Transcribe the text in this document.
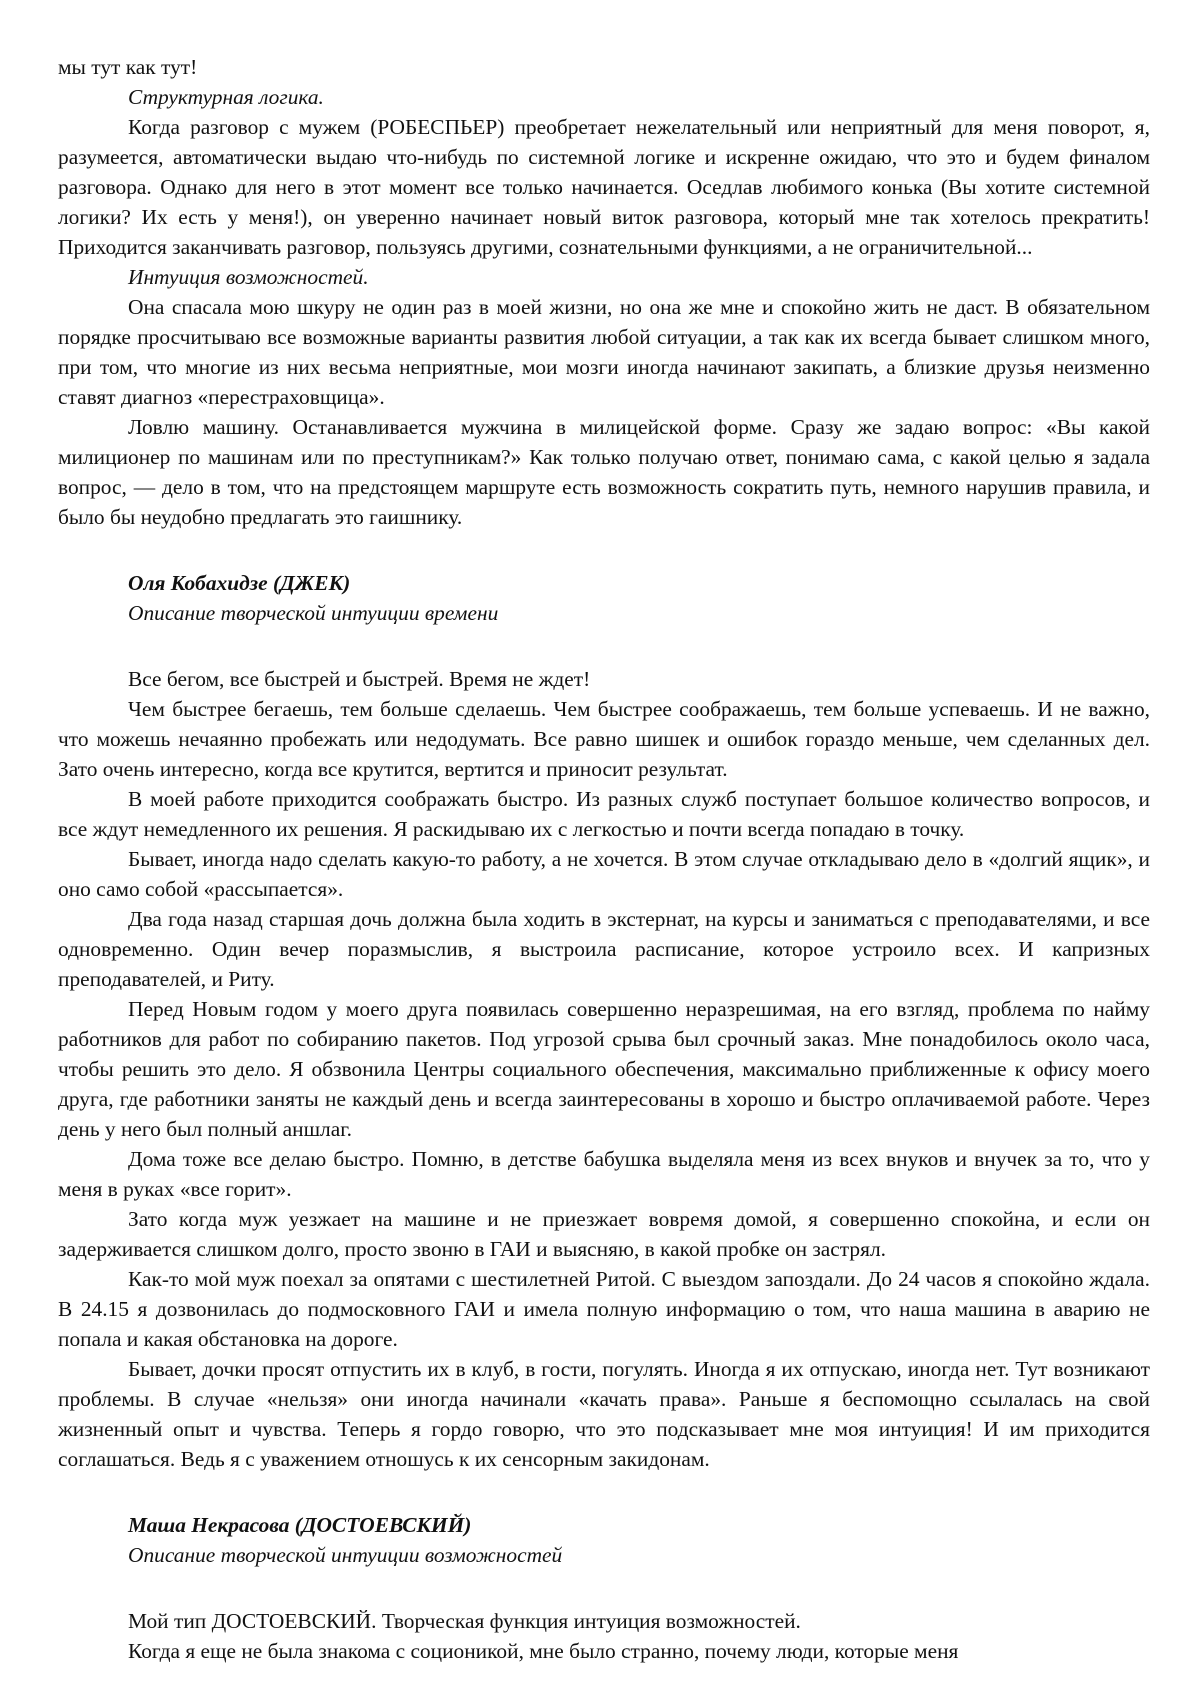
мы тут как тут!

Структурная логика.

Когда разговор с мужем (РОБЕСПЬЕР) преобретает нежелательный или неприятный для меня поворот, я, разумеется, автоматически выдаю что-нибудь по системной логике и искренне ожидаю, что это и будем финалом разговора. Однако для него в этот момент все только начинается. Оседлав любимого конька (Вы хотите системной логики? Их есть у меня!), он уверенно начинает новый виток разговора, который мне так хотелось прекратить! Приходится заканчивать разговор, пользуясь другими, сознательными функциями, а не ограничительной...

Интуиция возможностей.

Она спасала мою шкуру не один раз в моей жизни, но она же мне и спокойно жить не даст. В обязательном порядке просчитываю все возможные варианты развития любой ситуации, а так как их всегда бывает слишком много, при том, что многие из них весьма неприятные, мои мозги иногда начинают закипать, а близкие друзья неизменно ставят диагноз «перестраховщица».

Ловлю машину. Останавливается мужчина в милицейской форме. Сразу же задаю вопрос: «Вы какой милиционер по машинам или по преступникам?» Как только получаю ответ, понимаю сама, с какой целью я задала вопрос, — дело в том, что на предстоящем маршруте есть возможность сократить путь, немного нарушив правила, и было бы неудобно предлагать это гаишнику.

Оля Кобахидзе (ДЖЕК)

Описание творческой интуиции времени

Все бегом, все быстрей и быстрей. Время не ждет!

Чем быстрее бегаешь, тем больше сделаешь. Чем быстрее соображаешь, тем больше успеваешь. И не важно, что можешь нечаянно пробежать или недодумать. Все равно шишек и ошибок гораздо меньше, чем сделанных дел. Зато очень интересно, когда все крутится, вертится и приносит результат.

В моей работе приходится соображать быстро. Из разных служб поступает большое количество вопросов, и все ждут немедленного их решения. Я раскидываю их с легкостью и почти всегда попадаю в точку.

Бывает, иногда надо сделать какую-то работу, а не хочется. В этом случае откладываю дело в «долгий ящик», и оно само собой «рассыпается».

Два года назад старшая дочь должна была ходить в экстернат, на курсы и заниматься с преподавателями, и все одновременно. Один вечер поразмыслив, я выстроила расписание, которое устроило всех. И капризных преподавателей, и Риту.

Перед Новым годом у моего друга появилась совершенно неразрешимая, на его взгляд, проблема по найму работников для работ по собиранию пакетов. Под угрозой срыва был срочный заказ. Мне понадобилось около часа, чтобы решить это дело. Я обзвонила Центры социального обеспечения, максимально приближенные к офису моего друга, где работники заняты не каждый день и всегда заинтересованы в хорошо и быстро оплачиваемой работе. Через день у него был полный аншлаг.

Дома тоже все делаю быстро. Помню, в детстве бабушка выделяла меня из всех внуков и внучек за то, что у меня в руках «все горит».

Зато когда муж уезжает на машине и не приезжает вовремя домой, я совершенно спокойна, и если он задерживается слишком долго, просто звоню в ГАИ и выясняю, в какой пробке он застрял.

Как-то мой муж поехал за опятами с шестилетней Ритой. С выездом запоздали. До 24 часов я спокойно ждала. В 24.15 я дозвонилась до подмосковного ГАИ и имела полную информацию о том, что наша машина в аварию не попала и какая обстановка на дороге.

Бывает, дочки просят отпустить их в клуб, в гости, погулять. Иногда я их отпускаю, иногда нет. Тут возникают проблемы. В случае «нельзя» они иногда начинали «качать права». Раньше я беспомощно ссылалась на свой жизненный опыт и чувства. Теперь я гордо говорю, что это подсказывает мне моя интуиция! И им приходится соглашаться. Ведь я с уважением отношусь к их сенсорным закидонам.

Маша Некрасова (ДОСТОЕВСКИЙ)

Описание творческой интуиции возможностей

Мой тип ДОСТОЕВСКИЙ. Творческая функция интуиция возможностей.

Когда я еще не была знакома с соционикой, мне было странно, почему люди, которые меня
